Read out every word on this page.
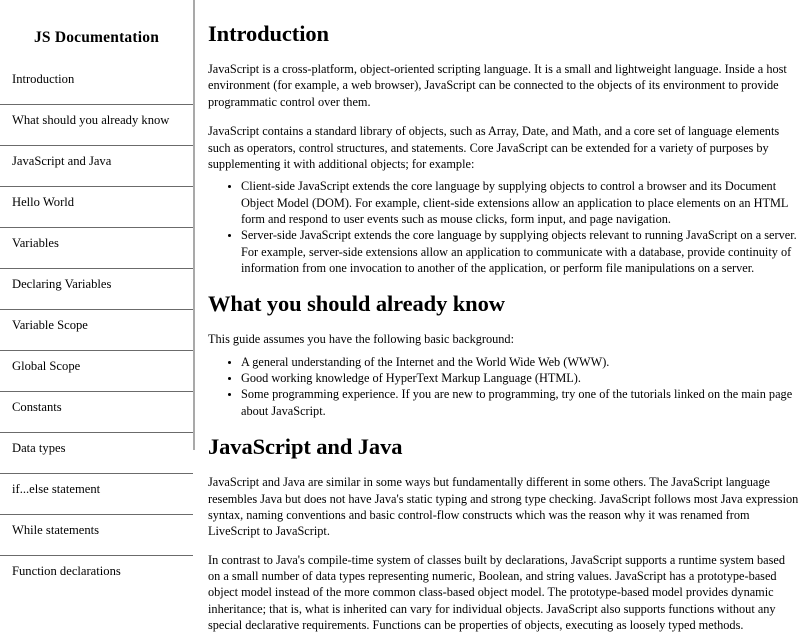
JS Documentation
Introduction
What should you already know
JavaScript and Java
Hello World
Variables
Declaring Variables
Variable Scope
Global Scope
Constants
Data types
if...else statement
While statements
Function declarations
Introduction

JavaScript is a cross-platform, object-oriented scripting language. It is a small and lightweight language. Inside a host environment (for example, a web browser), JavaScript can be connected to the objects of its environment to provide programmatic control over them.

JavaScript contains a standard library of objects, such as Array, Date, and Math, and a core set of language elements such as operators, control structures, and statements. Core JavaScript can be extended for a variety of purposes by supplementing it with additional objects; for example:

• Client-side JavaScript extends the core language by supplying objects to control a browser and its Document Object Model (DOM). For example, client-side extensions allow an application to place elements on an HTML form and respond to user events such as mouse clicks, form input, and page navigation.
• Server-side JavaScript extends the core language by supplying objects relevant to running JavaScript on a server. For example, server-side extensions allow an application to communicate with a database, provide continuity of information from one invocation to another of the application, or perform file manipulations on a server.
What you should already know

This guide assumes you have the following basic background:

• A general understanding of the Internet and the World Wide Web (WWW).
• Good working knowledge of HyperText Markup Language (HTML).
• Some programming experience. If you are new to programming, try one of the tutorials linked on the main page about JavaScript.
JavaScript and Java

JavaScript and Java are similar in some ways but fundamentally different in some others. The JavaScript language resembles Java but does not have Java's static typing and strong type checking. JavaScript follows most Java expression syntax, naming conventions and basic control-flow constructs which was the reason why it was renamed from LiveScript to JavaScript.

In contrast to Java's compile-time system of classes built by declarations, JavaScript supports a runtime system based on a small number of data types representing numeric, Boolean, and string values. JavaScript has a prototype-based object model instead of the more common class-based object model. The prototype-based model provides dynamic inheritance; that is, what is inherited can vary for individual objects. JavaScript also supports functions without any special declarative requirements. Functions can be properties of objects, executing as loosely typed methods.
